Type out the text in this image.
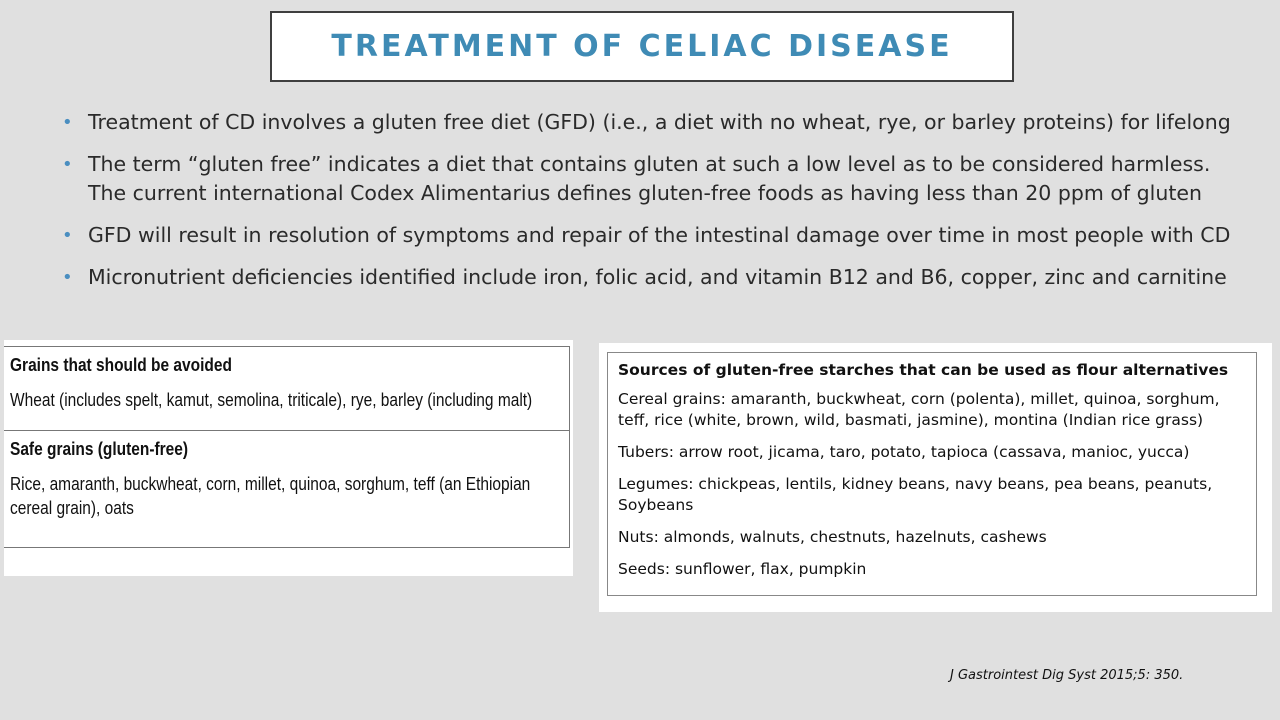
TREATMENT OF CELIAC DISEASE
• Treatment of CD involves a gluten free diet (GFD) (i.e., a diet with no wheat, rye, or barley proteins) for lifelong
• The term “gluten free” indicates a diet that contains gluten at such a low level as to be considered harmless. The current international Codex Alimentarius defines gluten-free foods as having less than 20 ppm of gluten
• GFD will result in resolution of symptoms and repair of the intestinal damage over time in most people with CD
• Micronutrient deficiencies identified include iron, folic acid, and vitamin B12 and B6, copper, zinc and carnitine
Grains that should be avoided
Wheat (includes spelt, kamut, semolina, triticale), rye, barley (including malt)
Safe grains (gluten-free)
Rice, amaranth, buckwheat, corn, millet, quinoa, sorghum, teff (an Ethiopian cereal grain), oats
Sources of gluten-free starches that can be used as flour alternatives
Cereal grains: amaranth, buckwheat, corn (polenta), millet, quinoa, sorghum, teff, rice (white, brown, wild, basmati, jasmine), montina (Indian rice grass)
Tubers: arrow root, jicama, taro, potato, tapioca (cassava, manioc, yucca)
Legumes: chickpeas, lentils, kidney beans, navy beans, pea beans, peanuts, Soybeans
Nuts: almonds, walnuts, chestnuts, hazelnuts, cashews
Seeds: sunflower, flax, pumpkin
J Gastrointest Dig Syst 2015;5: 350.
